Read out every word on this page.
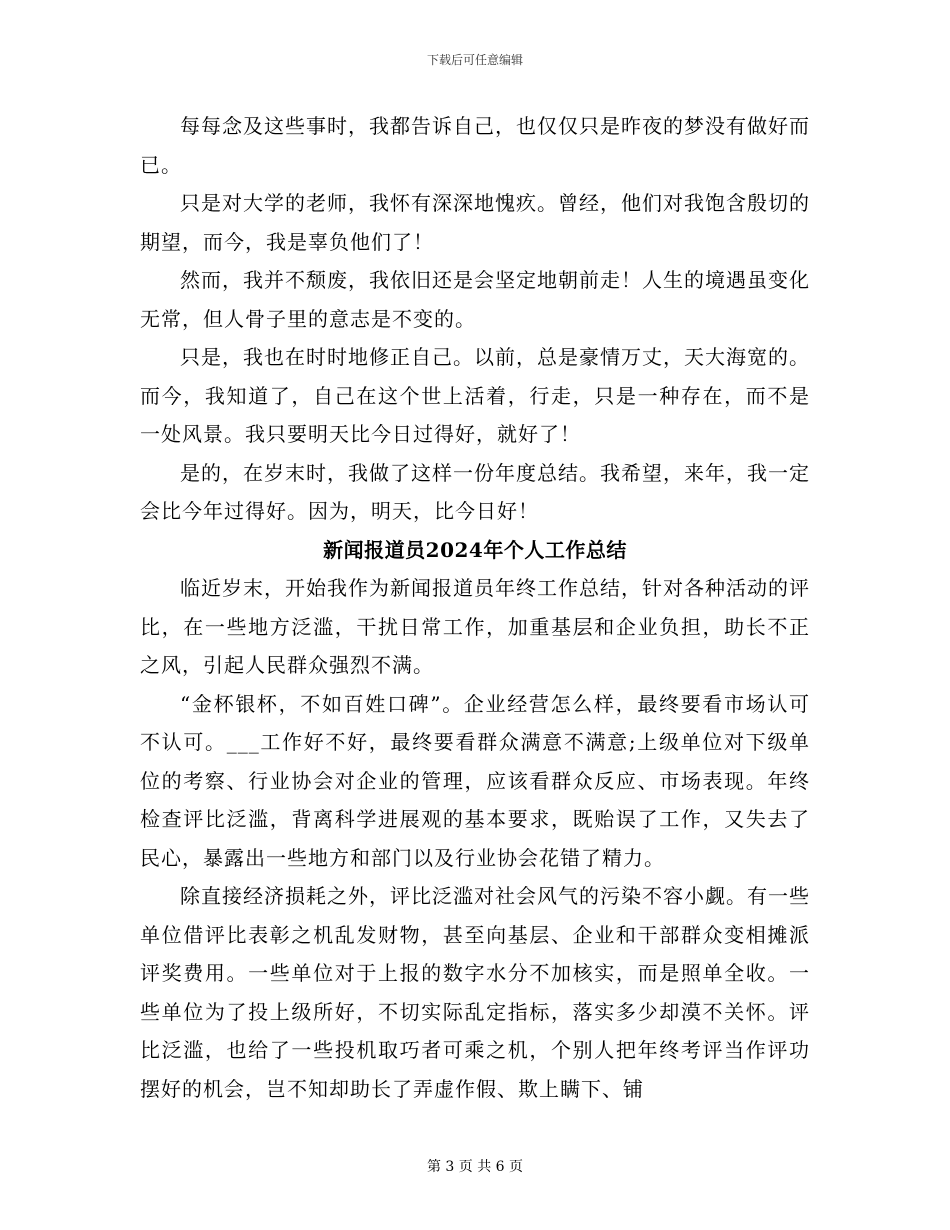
下载后可任意编辑

每每念及这些事时，我都告诉自己，也仅仅只是昨夜的梦没有做好而已。

只是对大学的老师，我怀有深深地愧疚。曾经，他们对我饱含殷切的期望，而今，我是辜负他们了！

然而，我并不颓废，我依旧还是会坚定地朝前走！人生的境遇虽变化无常，但人骨子里的意志是不变的。

只是，我也在时时地修正自己。以前，总是豪情万丈，天大海宽的。而今，我知道了，自己在这个世上活着，行走，只是一种存在，而不是一处风景。我只要明天比今日过得好，就好了！

是的，在岁末时，我做了这样一份年度总结。我希望，来年，我一定会比今年过得好。因为，明天，比今日好！

新闻报道员2024年个人工作总结

临近岁末，开始我作为新闻报道员年终工作总结，针对各种活动的评比，在一些地方泛滥，干扰日常工作，加重基层和企业负担，助长不正之风，引起人民群众强烈不满。

“金杯银杯，不如百姓口碑”。企业经营怎么样，最终要看市场认可不认可。___工作好不好，最终要看群众满意不满意;上级单位对下级单位的考察、行业协会对企业的管理，应该看群众反应、市场表现。年终检查评比泛滥，背离科学进展观的基本要求，既贻误了工作，又失去了民心，暴露出一些地方和部门以及行业协会花错了精力。

除直接经济损耗之外，评比泛滥对社会风气的污染不容小觑。有一些单位借评比表彰之机乱发财物，甚至向基层、企业和干部群众变相摊派评奖费用。一些单位对于上报的数字水分不加核实，而是照单全收。一些单位为了投上级所好，不切实际乱定指标，落实多少却漠不关怀。评比泛滥，也给了一些投机取巧者可乘之机，个别人把年终考评当作评功摆好的机会，岂不知却助长了弄虚作假、欺上瞒下、铺

第 3 页 共 6 页
